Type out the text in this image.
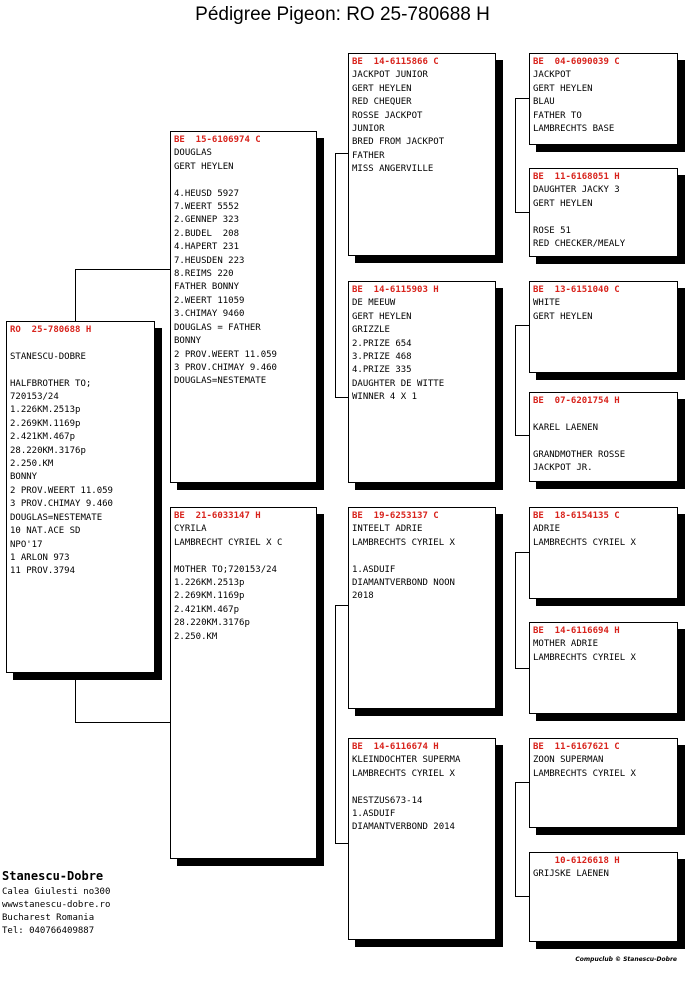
Pédigree Pigeon: RO 25-780688 H
RO  25-780688 H

STANESCU-DOBRE

HALFBROTHER TO;
720153/24
1.226KM.2513p
2.269KM.1169p
2.421KM.467p
28.220KM.3176p
2.250.KM
BONNY
2 PROV.WEERT 11.059
3 PROV.CHIMAY 9.460
DOUGLAS=NESTEMATE
10 NAT.ACE SD
NPO'17
1 ARLON 973
11 PROV.3794
BE  15-6106974 C
DOUGLAS
GERT HEYLEN

4.HEUSD 5927
7.WEERT 5552
2.GENNEP 323
2.BUDEL  208
4.HAPERT 231
7.HEUSDEN 223
8.REIMS 220
FATHER BONNY
2.WEERT 11059
3.CHIMAY 9460
DOUGLAS = FATHER
BONNY
2 PROV.WEERT 11.059
3 PROV.CHIMAY 9.460
DOUGLAS=NESTEMATE
BE  21-6033147 H
CYRILA
LAMBRECHT CYRIEL X C

MOTHER TO;720153/24
1.226KM.2513p
2.269KM.1169p
2.421KM.467p
28.220KM.3176p
2.250.KM
BE  14-6115866 C
JACKPOT JUNIOR
GERT HEYLEN
RED CHEQUER
ROSSE JACKPOT
JUNIOR
BRED FROM JACKPOT
FATHER
MISS ANGERVILLE
BE  14-6115903 H
DE MEEUW
GERT HEYLEN
GRIZZLE
2.PRIZE 654
3.PRIZE 468
4.PRIZE 335
DAUGHTER DE WITTE
WINNER 4 X 1
BE  19-6253137 C
INTEELT ADRIE
LAMBRECHTS CYRIEL X

1.ASDUIF
DIAMANTVERBOND NOON
2018
BE  14-6116674 H
KLEINDOCHTER SUPERMA
LAMBRECHTS CYRIEL X

NESTZUS673-14
1.ASDUIF
DIAMANTVERBOND 2014
BE  04-6090039 C
JACKPOT
GERT HEYLEN
BLAU
FATHER TO
LAMBRECHTS BASE
BE  11-6168051 H
DAUGHTER JACKY 3
GERT HEYLEN

ROSE 51
RED CHECKER/MEALY
BE  13-6151040 C
WHITE
GERT HEYLEN
BE  07-6201754 H

KAREL LAENEN

GRANDMOTHER ROSSE
JACKPOT JR.
BE  18-6154135 C
ADRIE
LAMBRECHTS CYRIEL X
BE  14-6116694 H
MOTHER ADRIE
LAMBRECHTS CYRIEL X
BE  11-6167621 C
ZOON SUPERMAN
LAMBRECHTS CYRIEL X
10-6126618 H
GRIJSKE LAENEN
Stanescu-Dobre
Calea Giulesti no300
wwwstanescu-dobre.ro
Bucharest Romania
Tel: 040766409887
Compuclub © Stanescu-Dobre
